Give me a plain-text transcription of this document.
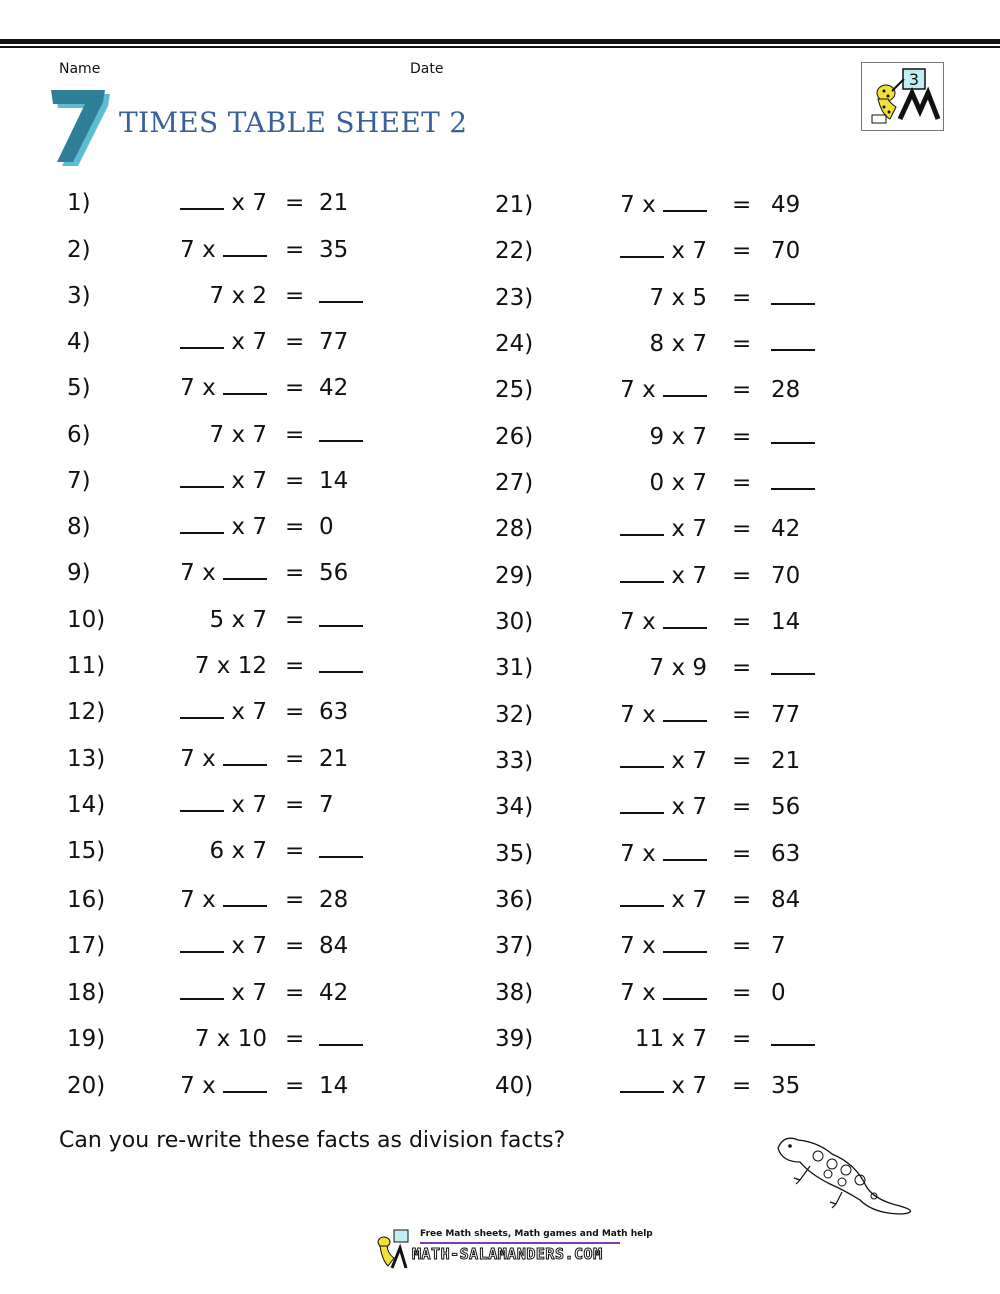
Name	Date
TIMES TABLE SHEET 2
3
1)	x 7 = 21
2)	7 x	= 35
3)	7 x 2 =
4)	x 7 = 77
5)	7 x	= 42
6)	7 x 7 =
7)	x 7 = 14
8)	x 7 = 0
9)	7 x	= 56
10)	5 x 7 =
11)	7 x 12 =
12)	x 7 = 63
13)	7 x	= 21
14)	x 7 = 7
15)	6 x 7 =
16)	7 x	= 28
17)	x 7 = 84
18)	x 7 = 42
19)	7 x 10 =
20)	7 x	= 14
21)	7 x	= 49
22)	x 7 = 70
23)	7 x 5 =
24)	8 x 7 =
25)	7 x	= 28
26)	9 x 7 =
27)	0 x 7 =
28)	x 7 = 42
29)	x 7 = 70
30)	7 x	= 14
31)	7 x 9 =
32)	7 x	= 77
33)	x 7 = 21
34)	x 7 = 56
35)	7 x	= 63
36)	x 7 = 84
37)	7 x	= 7
38)	7 x	= 0
39)	11 x 7 =
40)	x 7 = 35
Can you re-write these facts as division facts?
Free Math sheets, Math games and Math help
MATH-SALAMANDERS.COM
